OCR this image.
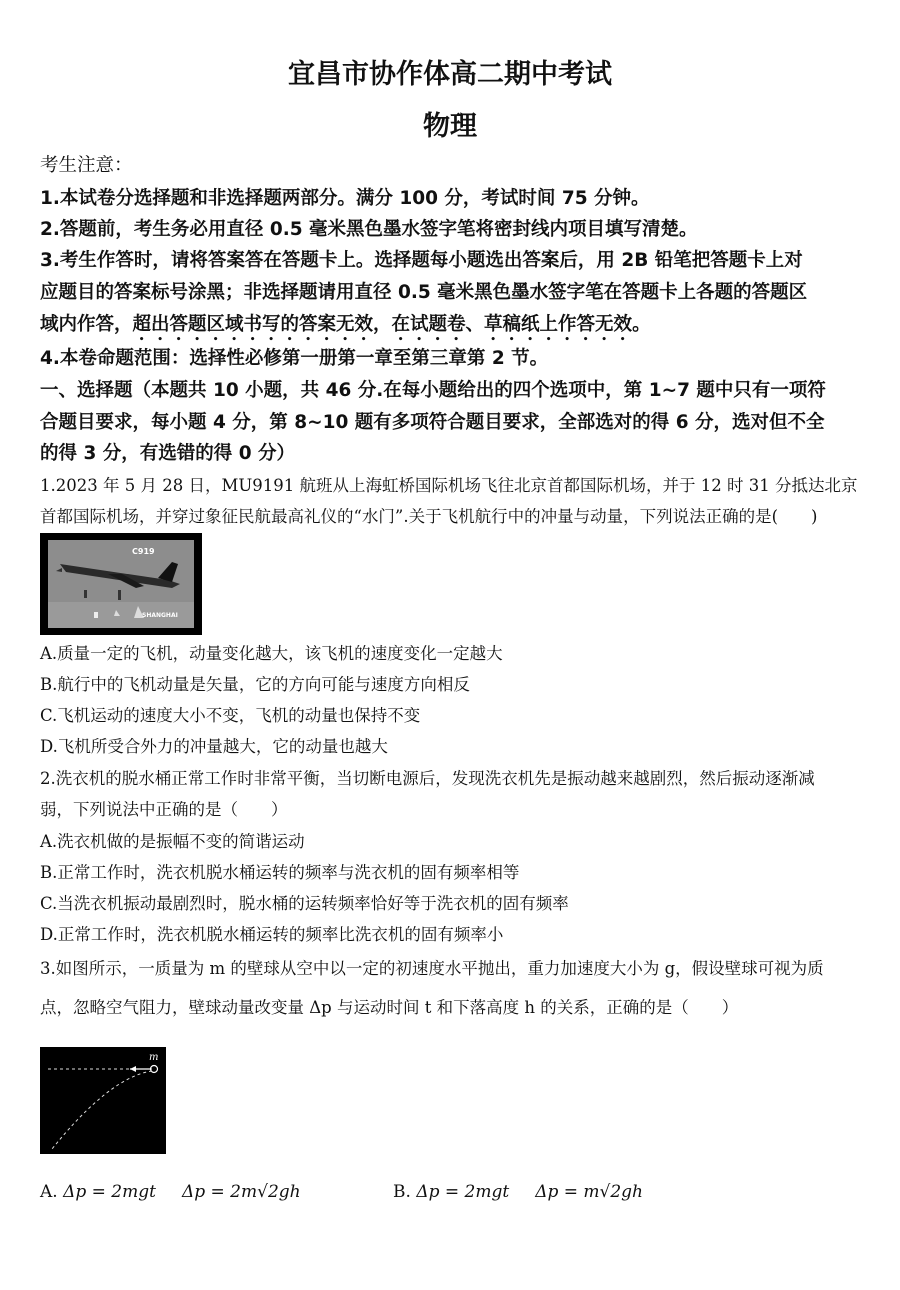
宜昌市协作体高二期中考试
物理
考生注意：
1.本试卷分选择题和非选择题两部分。满分 100 分，考试时间 75 分钟。
2.答题前，考生务必用直径 0.5 毫米黑色墨水签字笔将密封线内项目填写清楚。
3.考生作答时，请将答案答在答题卡上。选择题每小题选出答案后，用 2B 铅笔把答题卡上对
应题目的答案标号涂黑；非选择题请用直径 0.5 毫米黑色墨水签字笔在答题卡上各题的答题区
域内作答，超出答题区域书写的答案无效，在试题卷、草稿纸上作答无效。
4.本卷命题范围：选择性必修第一册第一章至第三章第 2 节。
一、选择题（本题共 10 小题，共 46 分.在每小题给出的四个选项中，第 1~7 题中只有一项符
合题目要求，每小题 4 分，第 8~10 题有多项符合题目要求，全部选对的得 6 分，选对但不全
的得 3 分，有选错的得 0 分）
1.2023 年 5 月 28 日，MU9191 航班从上海虹桥国际机场飞往北京首都国际机场，并于 12 时 31 分抵达北京
首都国际机场，并穿过象征民航最高礼仪的“水门”.关于飞机航行中的冲量与动量，下列说法正确的是(　　)
C919
SHANGHAI
A.质量一定的飞机，动量变化越大，该飞机的速度变化一定越大
B.航行中的飞机动量是矢量，它的方向可能与速度方向相反
C.飞机运动的速度大小不变，飞机的动量也保持不变
D.飞机所受合外力的冲量越大，它的动量也越大
2.洗衣机的脱水桶正常工作时非常平衡，当切断电源后，发现洗衣机先是振动越来越剧烈，然后振动逐渐减
弱，下列说法中正确的是（　　）
A.洗衣机做的是振幅不变的简谐运动
B.正常工作时，洗衣机脱水桶运转的频率与洗衣机的固有频率相等
C.当洗衣机振动最剧烈时，脱水桶的运转频率恰好等于洗衣机的固有频率
D.正常工作时，洗衣机脱水桶运转的频率比洗衣机的固有频率小
3.如图所示，一质量为 m 的壁球从空中以一定的初速度水平抛出，重力加速度大小为 g，假设壁球可视为质
点，忽略空气阻力，壁球动量改变量 Δp 与运动时间 t 和下落高度 h 的关系，正确的是（　　）
m
A. Δp = 2mgt Δp = 2m√2gh	B. Δp = 2mgt Δp = m√2gh
